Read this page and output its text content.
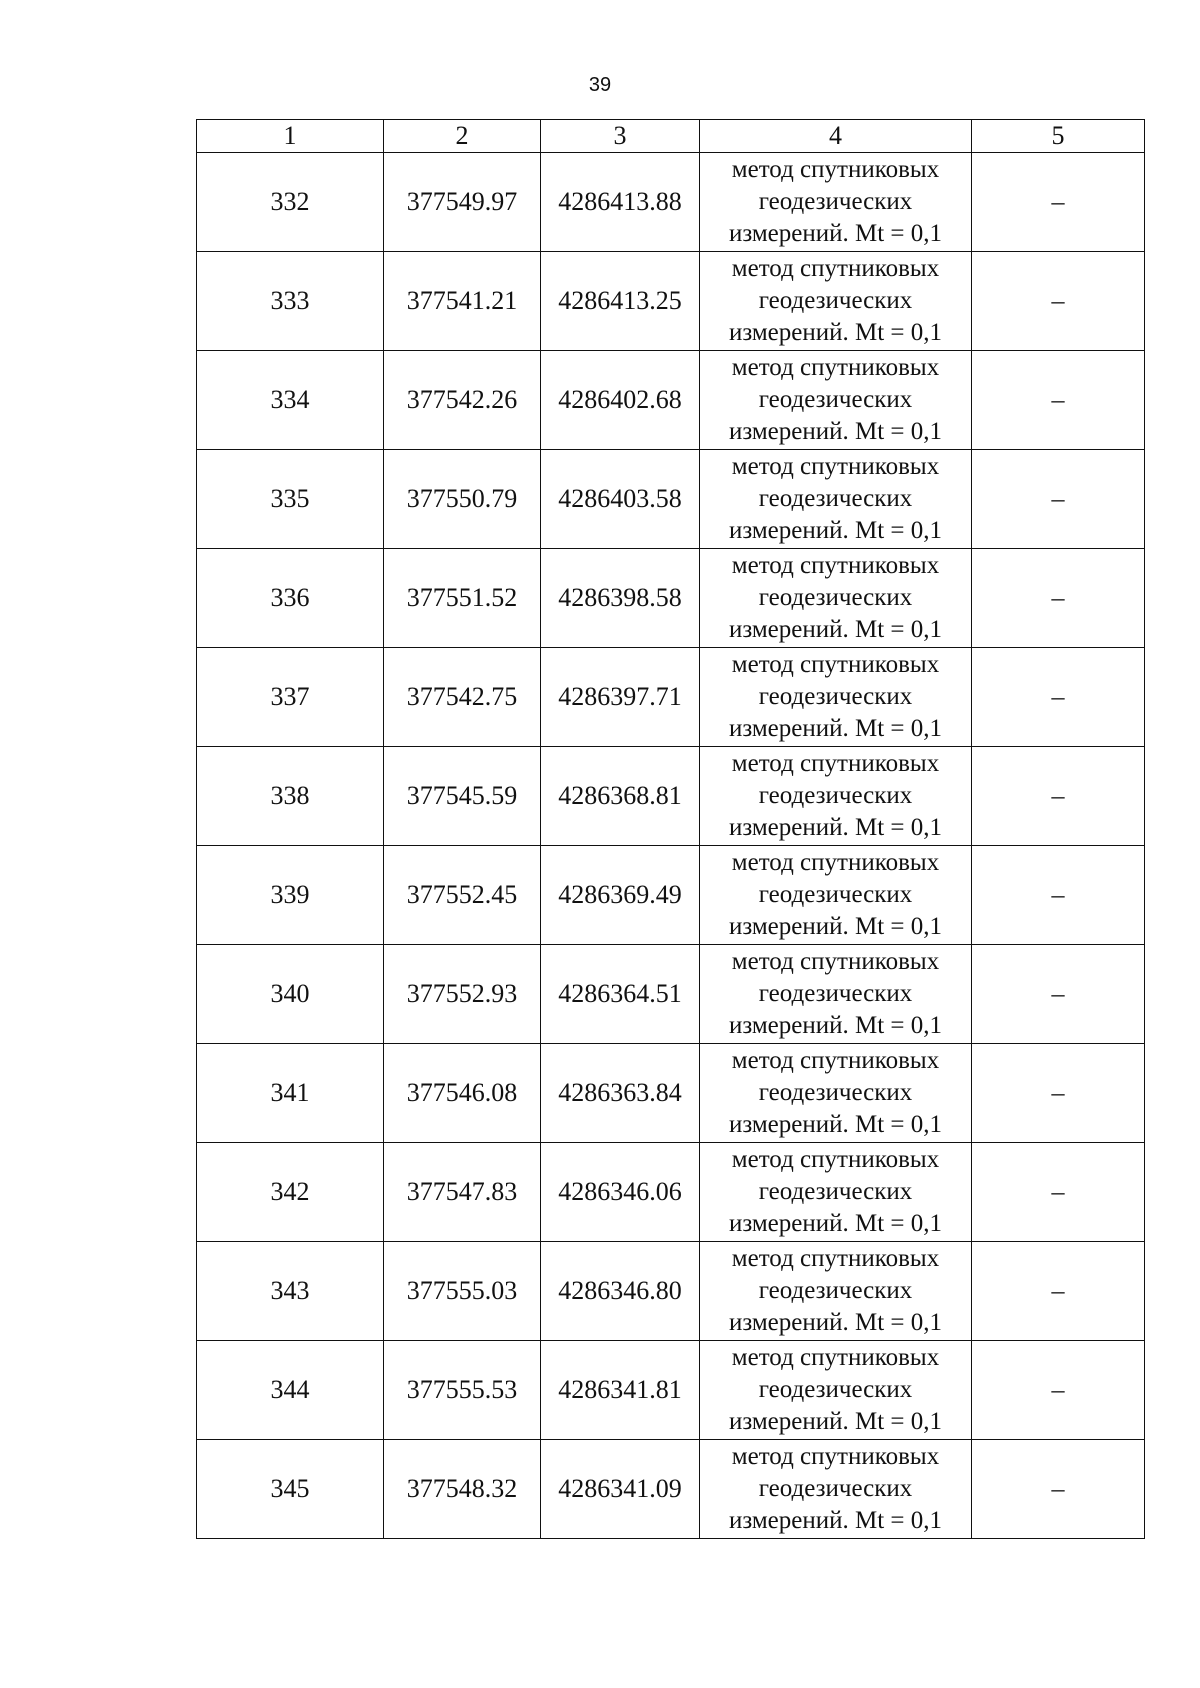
39
1	2	3	4	5
332	377549.97	4286413.88	метод спутниковых
геодезических
измерений. Mt = 0,1	–
333	377541.21	4286413.25	метод спутниковых
геодезических
измерений. Mt = 0,1	–
334	377542.26	4286402.68	метод спутниковых
геодезических
измерений. Mt = 0,1	–
335	377550.79	4286403.58	метод спутниковых
геодезических
измерений. Mt = 0,1	–
336	377551.52	4286398.58	метод спутниковых
геодезических
измерений. Mt = 0,1	–
337	377542.75	4286397.71	метод спутниковых
геодезических
измерений. Mt = 0,1	–
338	377545.59	4286368.81	метод спутниковых
геодезических
измерений. Mt = 0,1	–
339	377552.45	4286369.49	метод спутниковых
геодезических
измерений. Mt = 0,1	–
340	377552.93	4286364.51	метод спутниковых
геодезических
измерений. Mt = 0,1	–
341	377546.08	4286363.84	метод спутниковых
геодезических
измерений. Mt = 0,1	–
342	377547.83	4286346.06	метод спутниковых
геодезических
измерений. Mt = 0,1	–
343	377555.03	4286346.80	метод спутниковых
геодезических
измерений. Mt = 0,1	–
344	377555.53	4286341.81	метод спутниковых
геодезических
измерений. Mt = 0,1	–
345	377548.32	4286341.09	метод спутниковых
геодезических
измерений. Mt = 0,1	–
